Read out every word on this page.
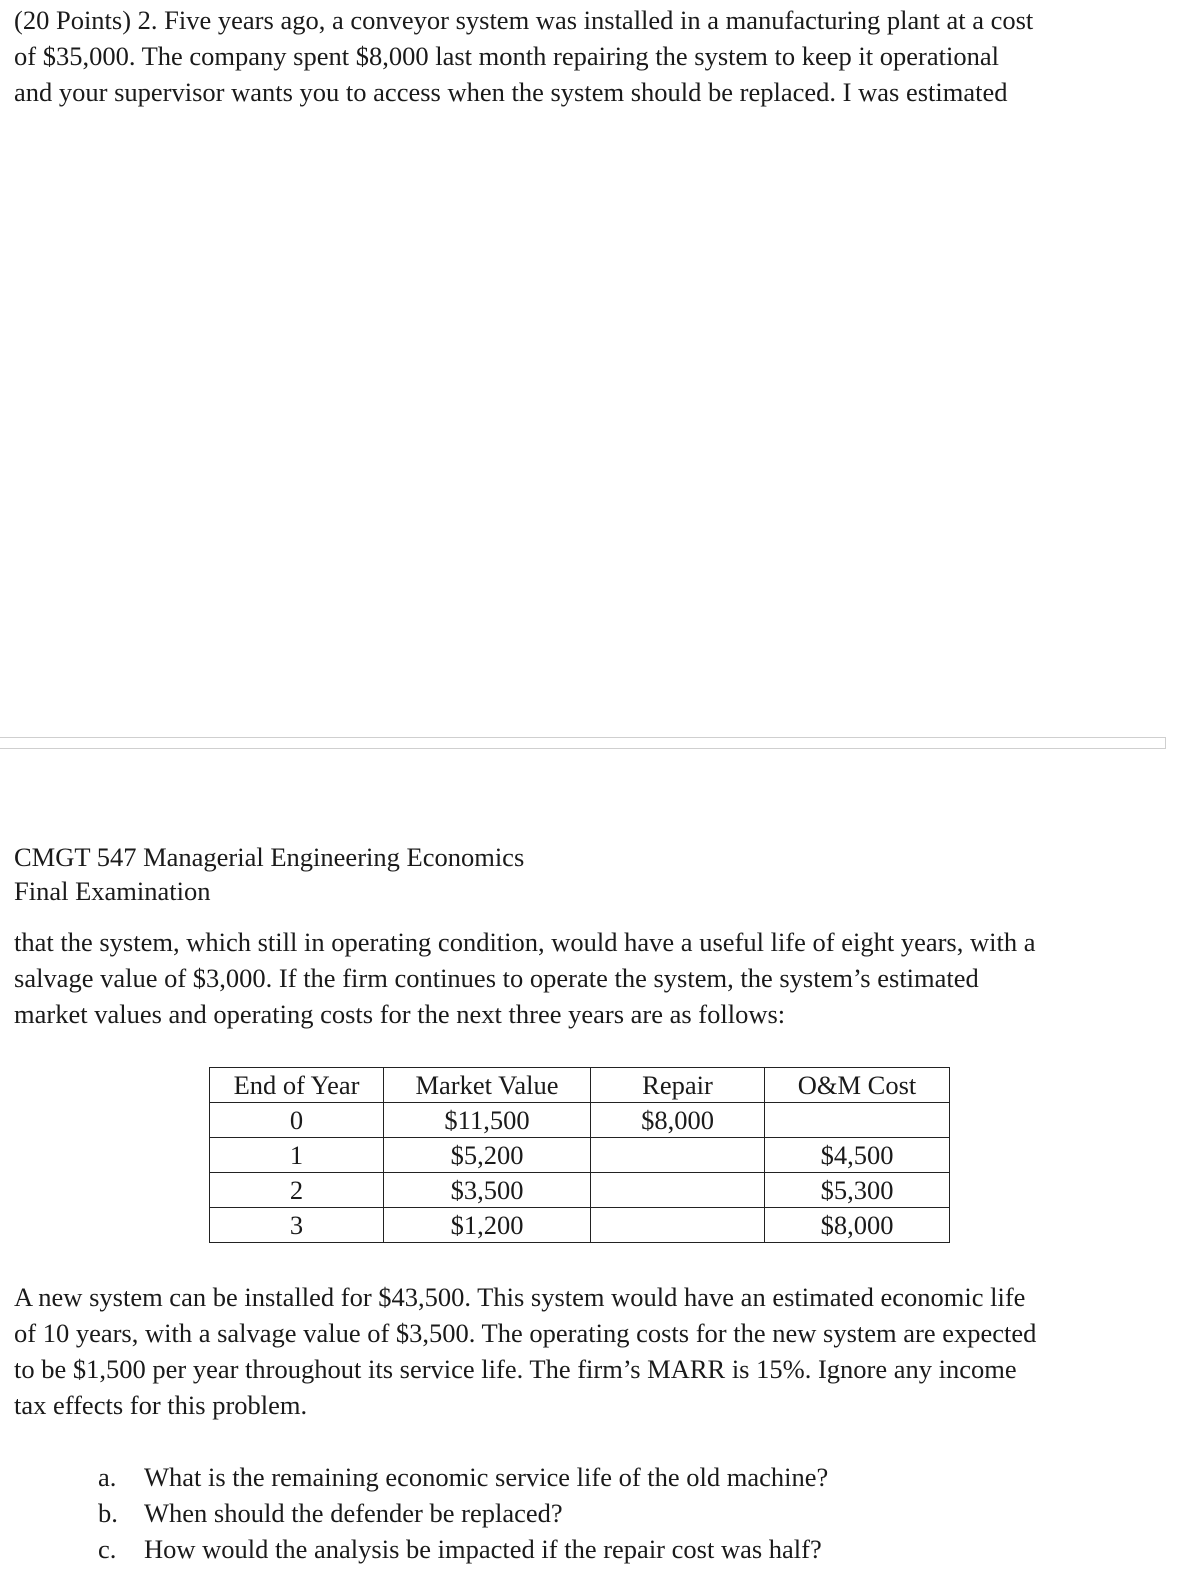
(20 Points) 2. Five years ago, a conveyor system was installed in a manufacturing plant at a cost
of $35,000. The company spent $8,000 last month repairing the system to keep it operational
and your supervisor wants you to access when the system should be replaced. I was estimated
CMGT 547 Managerial Engineering Economics
Final Examination
that the system, which still in operating condition, would have a useful life of eight years, with a
salvage value of $3,000. If the firm continues to operate the system, the system’s estimated
market values and operating costs for the next three years are as follows:
End of Year	Market Value	Repair	O&M Cost
0	$11,500	$8,000	
1	$5,200		$4,500
2	$3,500		$5,300
3	$1,200		$8,000
A new system can be installed for $43,500. This system would have an estimated economic life
of 10 years, with a salvage value of $3,500. The operating costs for the new system are expected
to be $1,500 per year throughout its service life. The firm’s MARR is 15%. Ignore any income
tax effects for this problem.
a. What is the remaining economic service life of the old machine?
b. When should the defender be replaced?
c. How would the analysis be impacted if the repair cost was half?
